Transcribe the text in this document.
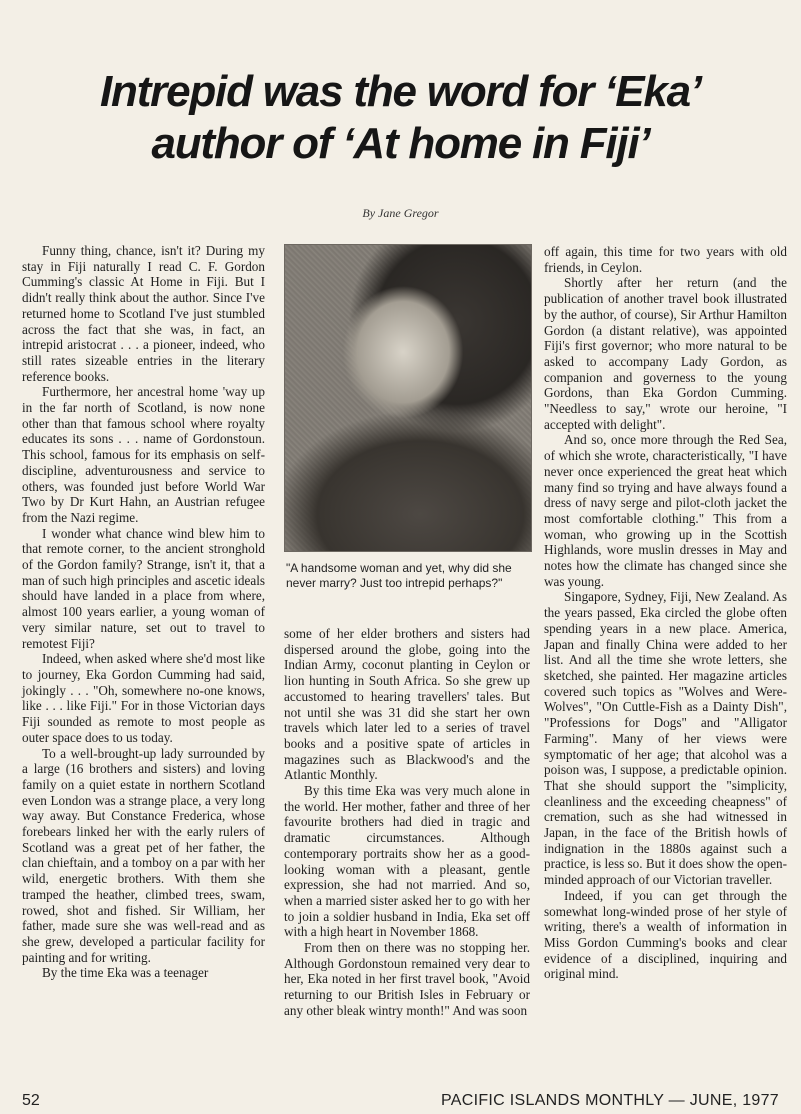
Intrepid was the word for ‘Eka’
author of ‘At home in Fiji’
By Jane Gregor

Funny thing, chance, isn't it? During my stay in Fiji naturally I read C. F. Gordon Cumming's classic At Home in Fiji. But I didn't really think about the author. Since I've returned home to Scotland I've just stumbled across the fact that she was, in fact, an intrepid aristocrat . . . a pioneer, indeed, who still rates sizeable entries in the literary reference books.

Furthermore, her ancestral home 'way up in the far north of Scotland, is now none other than that famous school where royalty educates its sons . . . name of Gordonstoun. This school, famous for its emphasis on self-discipline, adventurousness and service to others, was founded just before World War Two by Dr Kurt Hahn, an Austrian refugee from the Nazi regime.

I wonder what chance wind blew him to that remote corner, to the ancient stronghold of the Gordon family? Strange, isn't it, that a man of such high principles and ascetic ideals should have landed in a place from where, almost 100 years earlier, a young woman of very similar nature, set out to travel to remotest Fiji?

Indeed, when asked where she'd most like to journey, Eka Gordon Cumming had said, jokingly . . . "Oh, somewhere no-one knows, like . . . like Fiji." For in those Victorian days Fiji sounded as remote to most people as outer space does to us today.

To a well-brought-up lady surrounded by a large (16 brothers and sisters) and loving family on a quiet estate in northern Scotland even London was a strange place, a very long way away. But Constance Frederica, whose forebears linked her with the early rulers of Scotland was a great pet of her father, the clan chieftain, and a tomboy on a par with her wild, energetic brothers. With them she tramped the heather, climbed trees, swam, rowed, shot and fished. Sir William, her father, made sure she was well-read and as she grew, developed a particular facility for painting and for writing.

By the time Eka was a teenager

"A handsome woman and yet, why did she never marry? Just too intrepid perhaps?"

some of her elder brothers and sisters had dispersed around the globe, going into the Indian Army, coconut planting in Ceylon or lion hunting in South Africa. So she grew up accustomed to hearing travellers' tales. But not until she was 31 did she start her own travels which later led to a series of travel books and a positive spate of articles in magazines such as Blackwood's and the Atlantic Monthly.

By this time Eka was very much alone in the world. Her mother, father and three of her favourite brothers had died in tragic and dramatic circumstances. Although contemporary portraits show her as a good-looking woman with a pleasant, gentle expression, she had not married. And so, when a married sister asked her to go with her to join a soldier husband in India, Eka set off with a high heart in November 1868.

From then on there was no stopping her. Although Gordonstoun remained very dear to her, Eka noted in her first travel book, "Avoid returning to our British Isles in February or any other bleak wintry month!" And was soon

off again, this time for two years with old friends, in Ceylon.

Shortly after her return (and the publication of another travel book illustrated by the author, of course), Sir Arthur Hamilton Gordon (a distant relative), was appointed Fiji's first governor; who more natural to be asked to accompany Lady Gordon, as companion and governess to the young Gordons, than Eka Gordon Cumming. "Needless to say," wrote our heroine, "I accepted with delight".

And so, once more through the Red Sea, of which she wrote, characteristically, "I have never once experienced the great heat which many find so trying and have always found a dress of navy serge and pilot-cloth jacket the most comfortable clothing." This from a woman, who growing up in the Scottish Highlands, wore muslin dresses in May and notes how the climate has changed since she was young.

Singapore, Sydney, Fiji, New Zealand. As the years passed, Eka circled the globe often spending years in a new place. America, Japan and finally China were added to her list. And all the time she wrote letters, she sketched, she painted. Her magazine articles covered such topics as "Wolves and Were-Wolves", "On Cuttle-Fish as a Dainty Dish", "Professions for Dogs" and "Alligator Farming". Many of her views were symptomatic of her age; that alcohol was a poison was, I suppose, a predictable opinion. That she should support the "simplicity, cleanliness and the exceeding cheapness" of cremation, such as she had witnessed in Japan, in the face of the British howls of indignation in the 1880s against such a practice, is less so. But it does show the open-minded approach of our Victorian traveller.

Indeed, if you can get through the somewhat long-winded prose of her style of writing, there's a wealth of information in Miss Gordon Cumming's books and clear evidence of a disciplined, inquiring and original mind.

52	PACIFIC ISLANDS MONTHLY — JUNE, 1977
